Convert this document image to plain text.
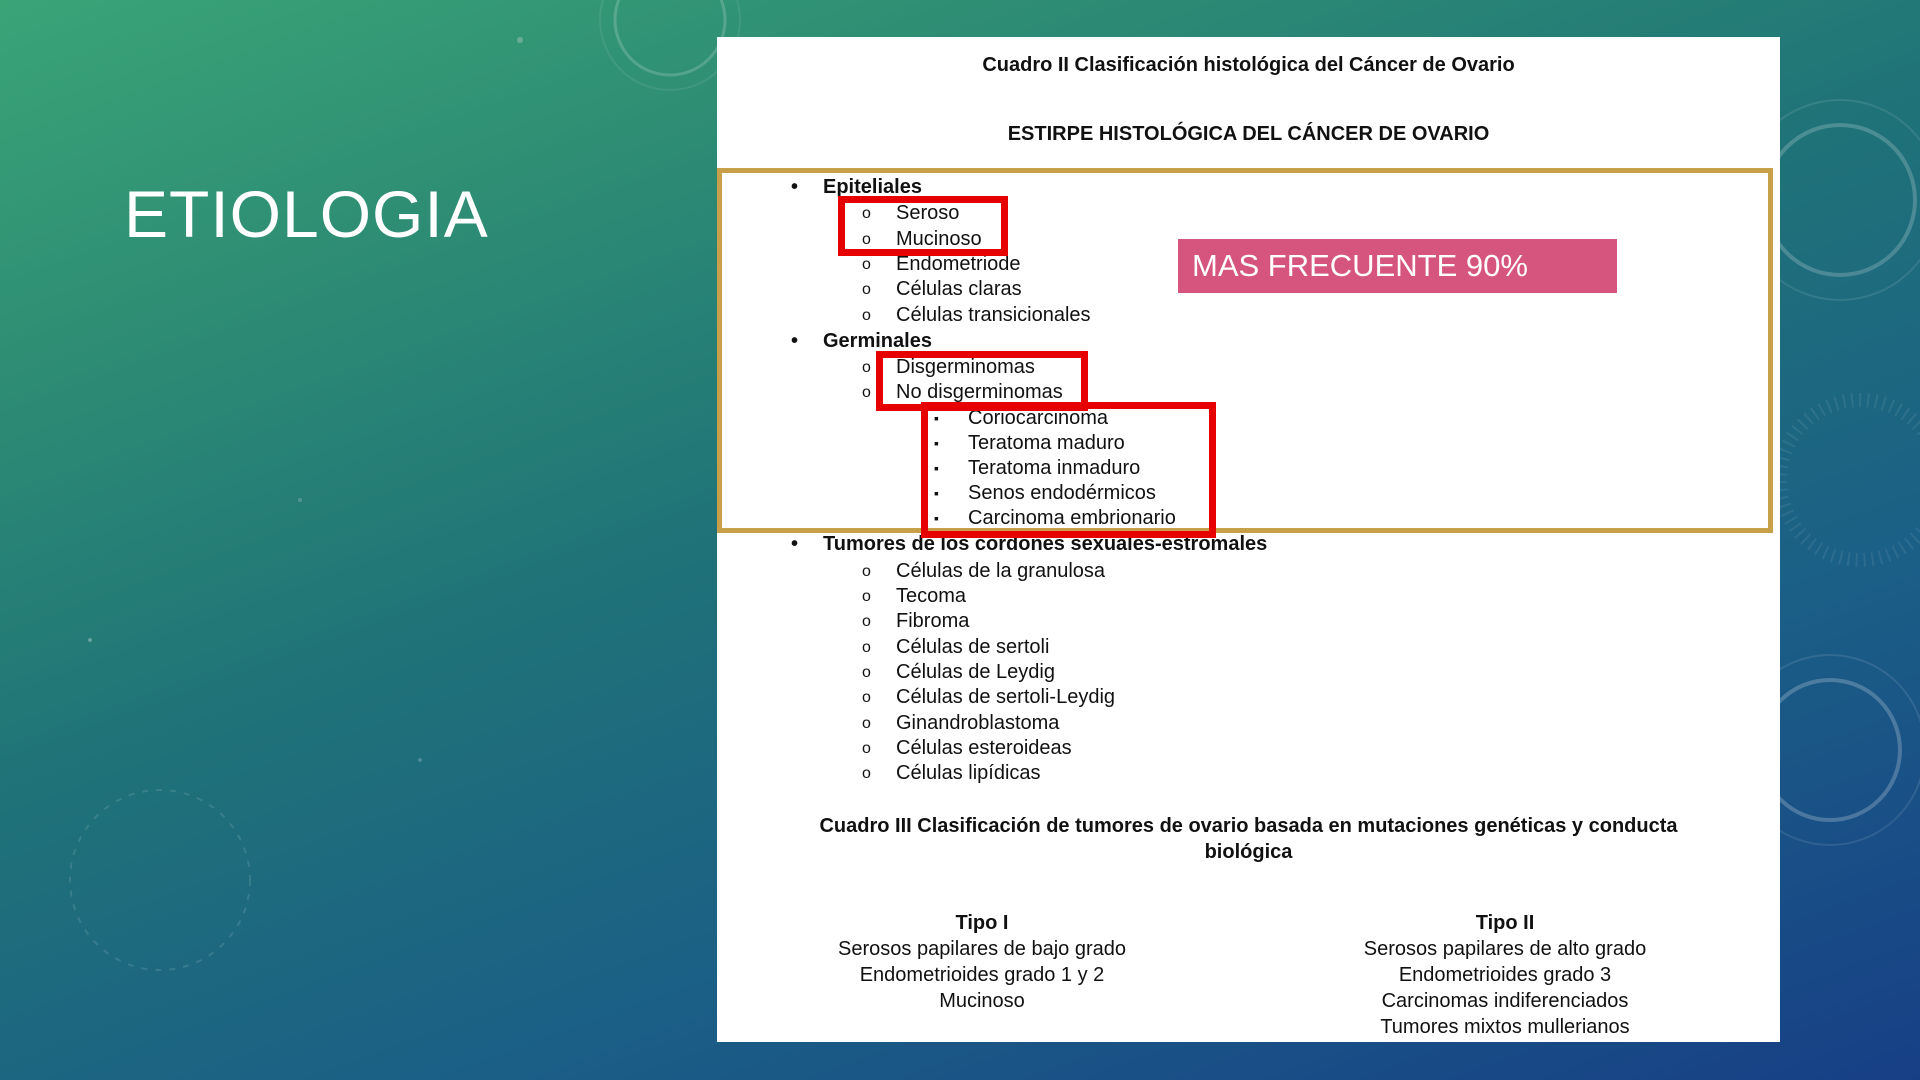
ETIOLOGIA
Cuadro II Clasificación histológica del Cáncer de Ovario
ESTIRPE HISTOLÓGICA DEL CÁNCER DE OVARIO
• Epiteliales
o Seroso
o Mucinoso
o Endometriode
o Células claras
o Células transicionales
• Germinales
o Disgerminomas
o No disgerminomas
▪ Coriocarcinoma
▪ Teratoma maduro
▪ Teratoma inmaduro
▪ Senos endodérmicos
▪ Carcinoma embrionario
• Tumores de los cordones sexuales-estromales
o Células de la granulosa
o Tecoma
o Fibroma
o Células de sertoli
o Células de Leydig
o Células de sertoli-Leydig
o Ginandroblastoma
o Células esteroideas
o Células lipídicas
Cuadro III Clasificación de tumores de ovario basada en mutaciones genéticas y conducta
biológica
Tipo I
Serosos papilares de bajo grado
Endometrioides grado 1 y 2
Mucinoso
Tipo II
Serosos papilares de alto grado
Endometrioides grado 3
Carcinomas indiferenciados
Tumores mixtos mullerianos
MAS FRECUENTE 90%
